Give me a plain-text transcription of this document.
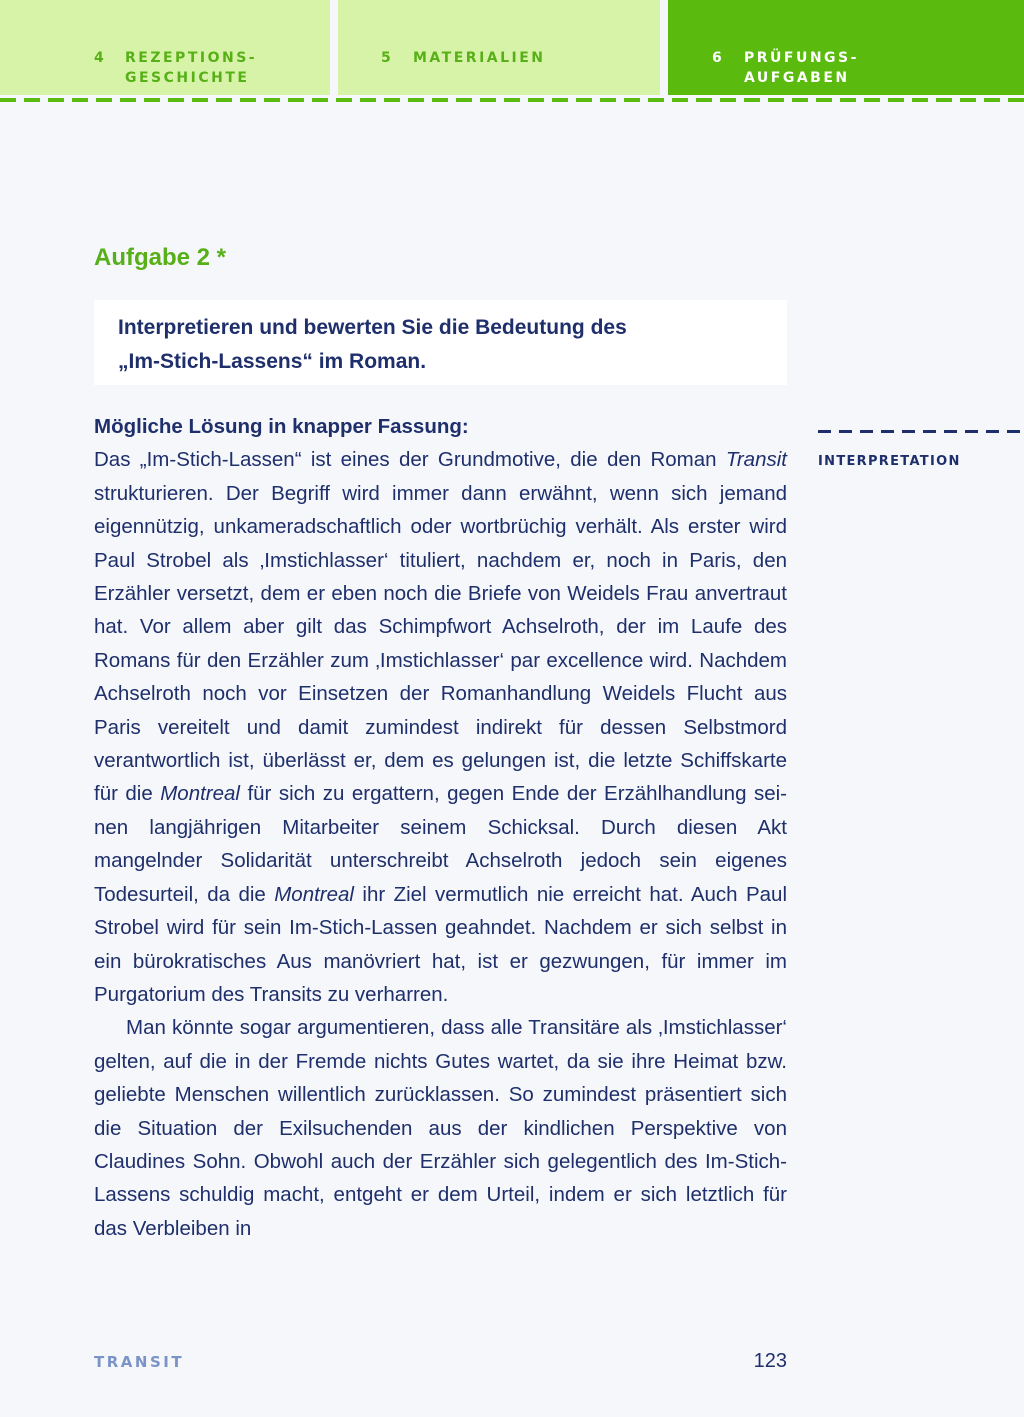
4 REZEPTIONS-
GESCHICHTE
5 MATERIALIEN	6 PRÜFUNGS-
AUFGABEN
Aufgabe 2 *

Interpretieren und bewerten Sie die Bedeutung des

„Im-Stich-Lassens“ im Roman.

Mögliche Lösung in knapper Fassung:

Das „Im-Stich-Lassen“ ist eines der Grundmotive, die den Roman Transit strukturieren. Der Begriff wird immer dann erwähnt, wenn sich jemand eigennützig, unkameradschaftlich oder wortbrüchig verhält. Als erster wird Paul Strobel als ‚Imstichlasser‘ tituliert, nachdem er, noch in Paris, den Erzähler versetzt, dem er eben noch die Briefe von Weidels Frau anvertraut hat. Vor allem aber gilt das Schimpfwort Achselroth, der im Laufe des Romans für den Erzähler zum ‚Imstichlasser‘ par excellence wird. Nachdem Achselroth noch vor Einsetzen der Romanhandlung Weidels Flucht aus Paris vereitelt und damit zumindest indirekt für dessen Selbstmord verantwortlich ist, überlässt er, dem es gelungen ist, die letzte Schiffskarte für die Montreal für sich zu ergattern, gegen Ende der Erzählhandlung seinen langjährigen Mitarbeiter seinem Schicksal. Durch diesen Akt mangelnder Solidarität unterschreibt Achselroth jedoch sein eigenes Todesurteil, da die Montreal ihr Ziel vermutlich nie erreicht hat. Auch Paul Strobel wird für sein Im-Stich-Lassen geahndet. Nachdem er sich selbst in ein bürokratisches Aus manövriert hat, ist er gezwungen, für immer im Purgatorium des Transits zu verharren.

Man könnte sogar argumentieren, dass alle Transitäre als ‚Imstichlasser‘ gelten, auf die in der Fremde nichts Gutes wartet, da sie ihre Heimat bzw. geliebte Menschen willentlich zurücklassen. So zumindest präsentiert sich die Situation der Exilsuchenden aus der kindlichen Perspektive von Claudines Sohn. Obwohl auch der Erzähler sich gelegentlich des Im-Stich-Lassens schuldig macht, entgeht er dem Urteil, indem er sich letztlich für das Verbleiben in

INTERPRETATION
TRANSIT	123
